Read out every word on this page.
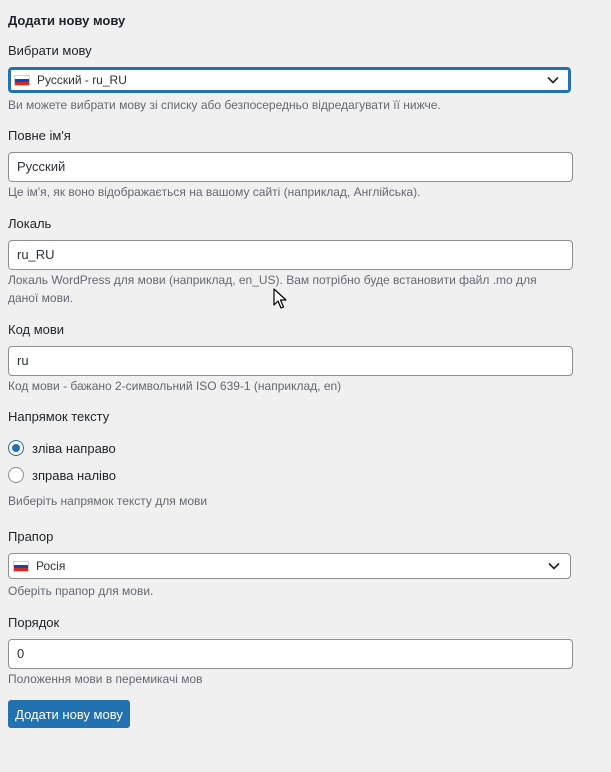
Додати нову мову
Вибрати мову
Русский - ru_RU
Ви можете вибрати мову зі списку або безпосередньо відредагувати її нижче.
Повне ім'я
Русский
Це ім'я, як воно відображається на вашому сайті (наприклад, Англійська).
Локаль
ru_RU
Локаль WordPress для мови (наприклад, en_US). Вам потрібно буде встановити файл .mo для даної мови.
Код мови
ru
Код мови - бажано 2-символьний ISO 639-1 (наприклад, en)
Напрямок тексту
зліва направо
зправа наліво
Виберіть напрямок тексту для мови
Прапор
Росія
Оберіть прапор для мови.
Порядок
0
Положення мови в перемикачі мов
Додати нову мову
